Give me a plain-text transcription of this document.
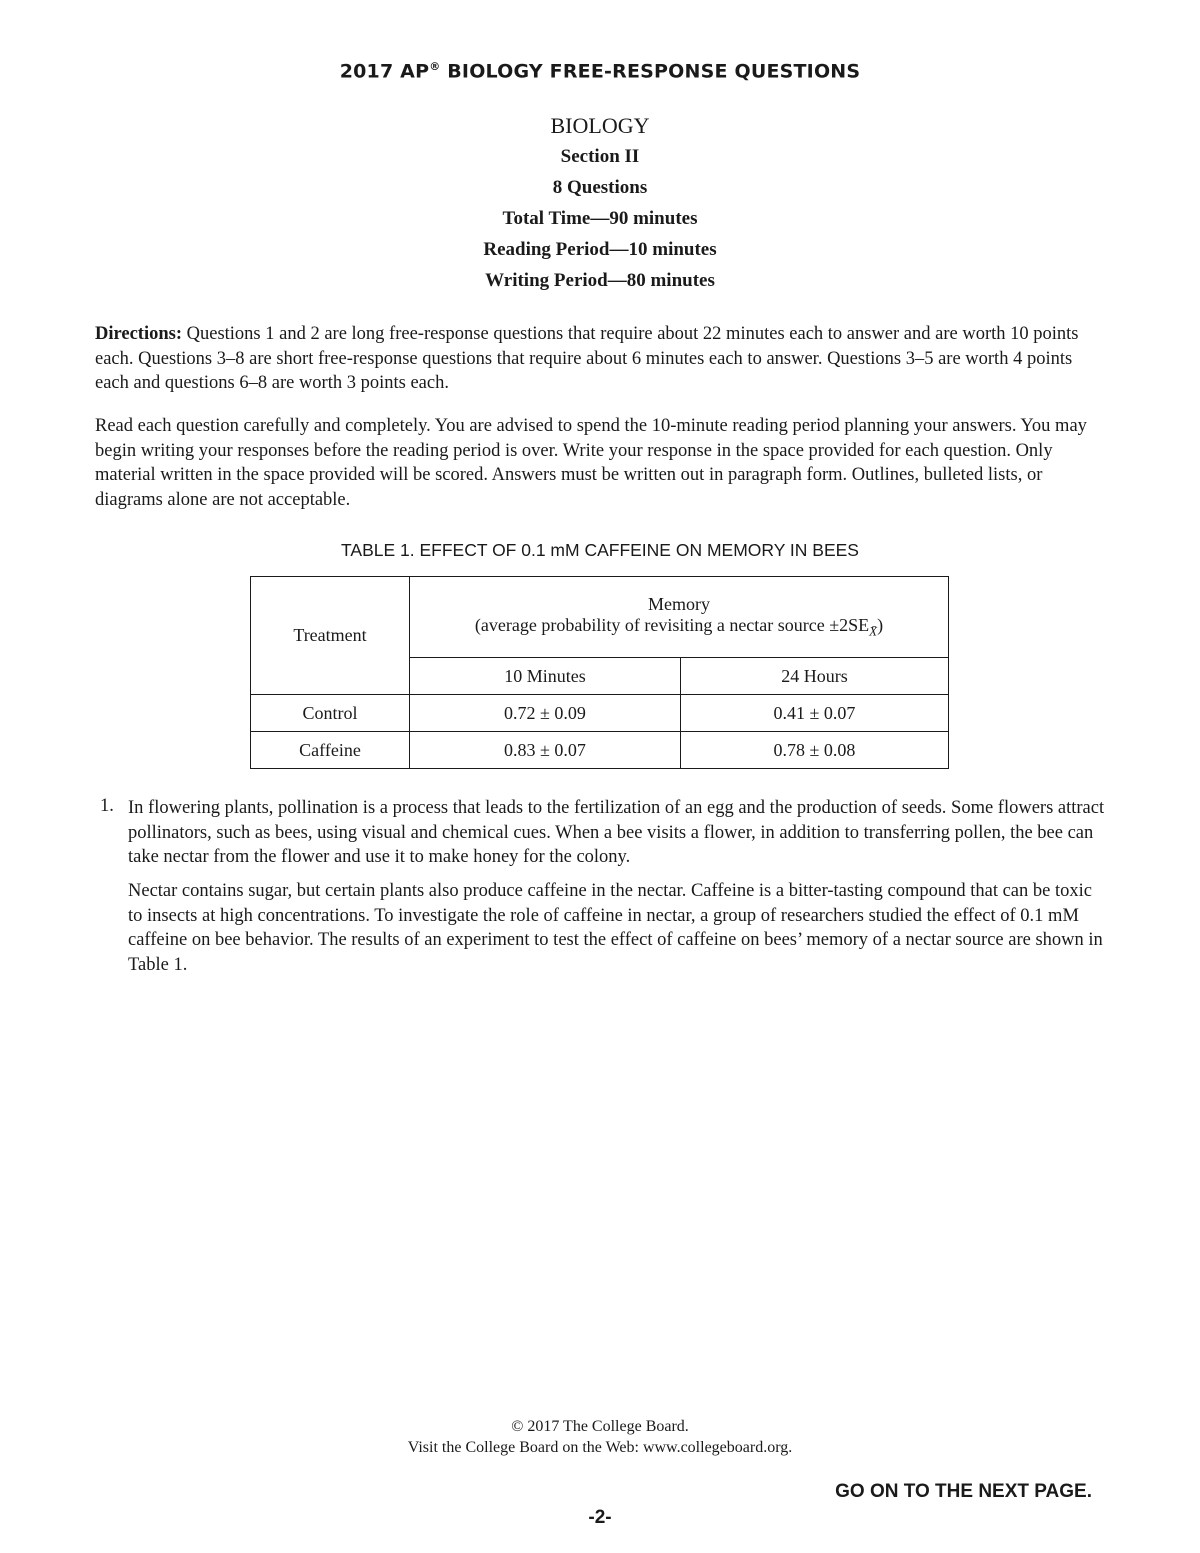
2017 AP® BIOLOGY FREE-RESPONSE QUESTIONS
BIOLOGY
Section II
8 Questions
Total Time—90 minutes
Reading Period—10 minutes
Writing Period—80 minutes
Directions: Questions 1 and 2 are long free-response questions that require about 22 minutes each to answer and are worth 10 points each. Questions 3–8 are short free-response questions that require about 6 minutes each to answer. Questions 3–5 are worth 4 points each and questions 6–8 are worth 3 points each.
Read each question carefully and completely. You are advised to spend the 10-minute reading period planning your answers. You may begin writing your responses before the reading period is over. Write your response in the space provided for each question. Only material written in the space provided will be scored. Answers must be written out in paragraph form. Outlines, bulleted lists, or diagrams alone are not acceptable.
TABLE 1. EFFECT OF 0.1 mM CAFFEINE ON MEMORY IN BEES
Treatment	Memory
(average probability of revisiting a nectar source $\pm 2SE_{X̄}$)	

	10 Minutes	24 Hours
Control	0.72 ± 0.09	0.41 ± 0.07
Caffeine	0.83 ± 0.07	0.78 ± 0.08
1. In flowering plants, pollination is a process that leads to the fertilization of an egg and the production of seeds. Some flowers attract pollinators, such as bees, using visual and chemical cues. When a bee visits a flower, in addition to transferring pollen, the bee can take nectar from the flower and use it to make honey for the colony.
Nectar contains sugar, but certain plants also produce caffeine in the nectar. Caffeine is a bitter-tasting compound that can be toxic to insects at high concentrations. To investigate the role of caffeine in nectar, a group of researchers studied the effect of 0.1 mM caffeine on bee behavior. The results of an experiment to test the effect of caffeine on bees’ memory of a nectar source are shown in Table 1.
© 2017 The College Board.
Visit the College Board on the Web: www.collegeboard.org.
GO ON TO THE NEXT PAGE.
-2-
